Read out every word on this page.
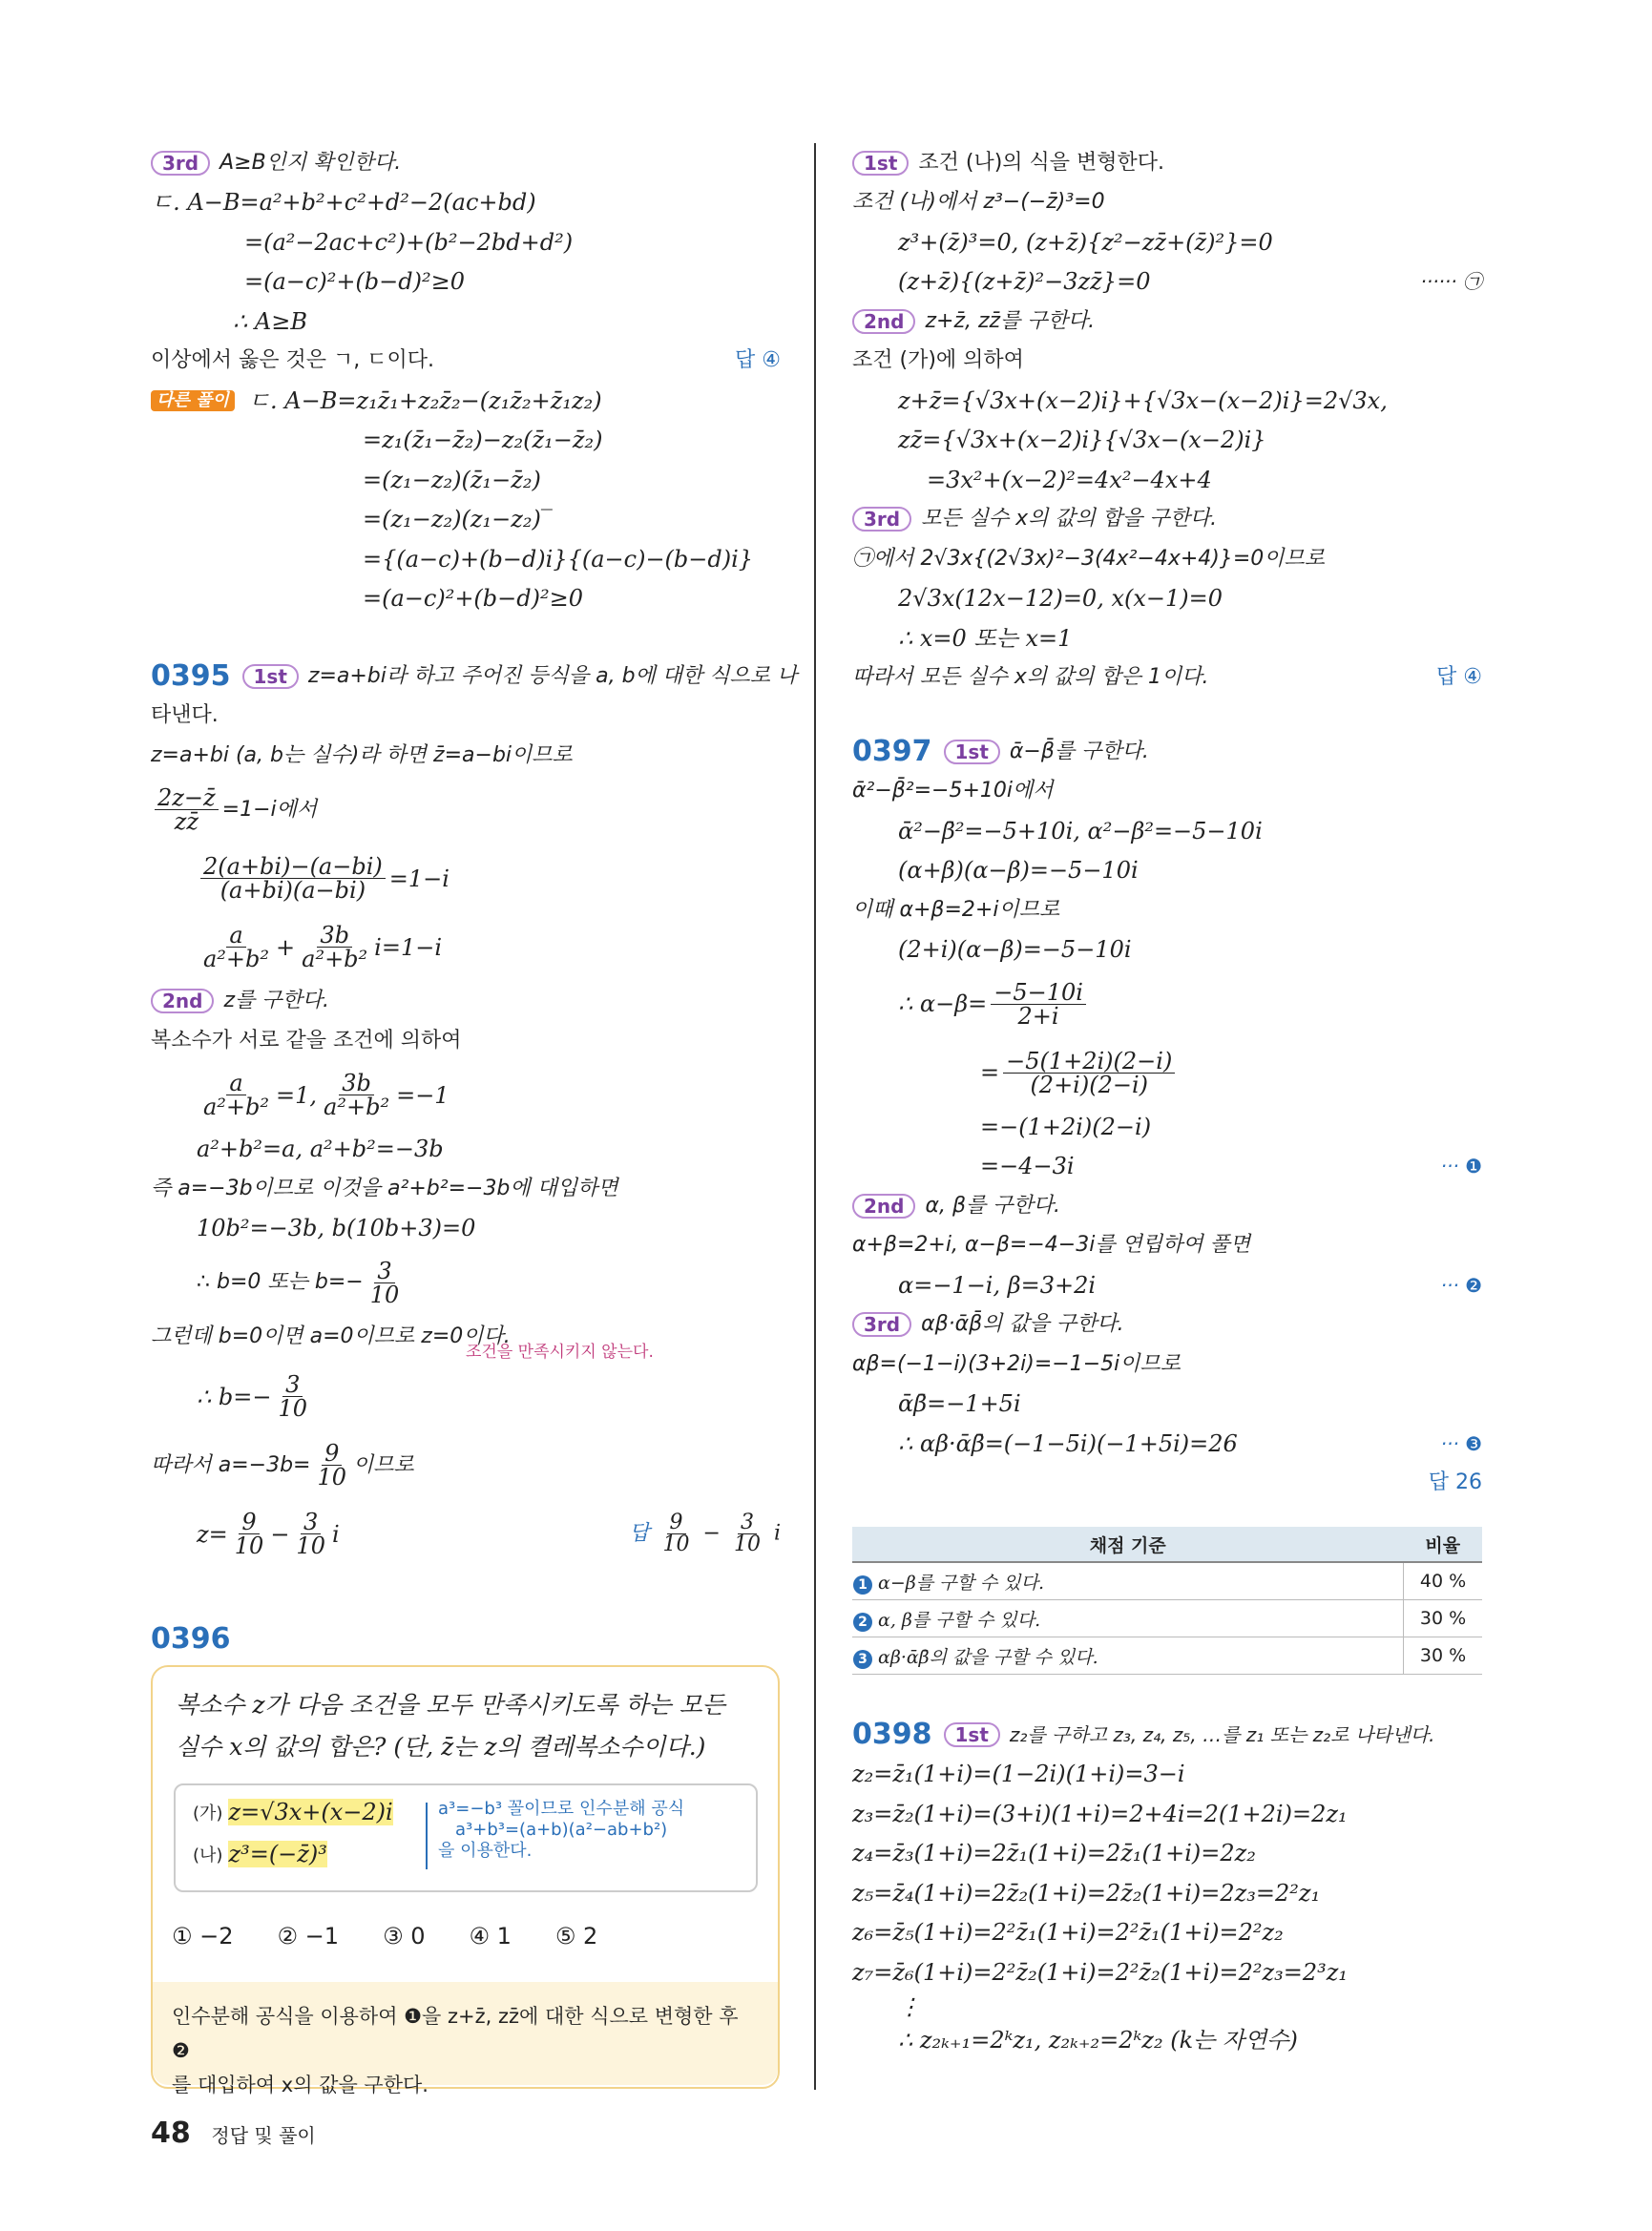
3rd	A≥B인지 확인한다.
ㄷ. A−B=a²+b²+c²+d²−2(ac+bd)
=(a²−2ac+c²)+(b²−2bd+d²)
=(a−c)²+(b−d)²≥0
∴ A≥B
이상에서 옳은 것은 ㄱ, ㄷ이다.	답 ④
다른 풀이 ㄷ. A−B=z₁z̄₁+z₂z̄₂−(z₁z̄₂+z̄₁z₂)
=z₁(z̄₁−z̄₂)−z₂(z̄₁−z̄₂)
=(z₁−z₂)(z̄₁−z̄₂)
=(z₁−z₂)(z₁−z₂)‾
={(a−c)+(b−d)i}{(a−c)−(b−d)i}
=(a−c)²+(b−d)²≥0
0395	1st	z=a+bi라 하고 주어진 등식을 a, b에 대한 식으로 나
타낸다.
z=a+bi (a, b는 실수)라 하면 z̄=a−bi이므로
$\frac{2z-z̄}{zz̄} =1-i$에서
$\frac{2(a+bi)-(a-bi)}{(a+bi)(a-bi)} =1-i$
$\frac{a}{\text{a²+b²}} + \frac{3b}{\text{a²+b²}} i=1-i$
2nd	z를 구한다.
복소수가 서로 같을 조건에 의하여
$\frac{a}{\text{a²+b²}} =1$, $\frac{3b}{\text{a²+b²}} =-1$
a²+b²=a, a²+b²=−3b
즉 a=−3b이므로 이것을 a²+b²=−3b에 대입하면
10b²=−3b, b(10b+3)=0
∴ b=0 또는 $b=- \frac{3}{10}$
그런데 b=0이면 a=0이므로 z=0이다.
조건을 만족시키지 않는다.
∴ $b=- \frac{3}{10}$
따라서 $a=-3b= \frac{9}{10}$ 이므로
$z= \frac{9}{10} - \frac{3}{10}$ i	답 $\frac{9}{10} - \frac{3}{10}$ i
0396
복소수 z가 다음 조건을 모두 만족시키도록 하는 모든
실수 x의 값의 합은? (단, z̄는 z의 켤레복소수이다.)
(가) z=√3x+(x−2)i
(나) z³=(−z̄)³
a³=−b³ 꼴이므로 인수분해 공식
a³+b³=(a+b)(a²−ab+b²)
을 이용한다.
① −2 ② −1 ③ 0 ④ 1 ⑤ 2
인수분해 공식을 이용하여 ❶을 z+z̄, zz̄에 대한 식으로 변형한 후 ❷
를 대입하여 x의 값을 구한다.
1st	조건 (나)의 식을 변형한다.
조건 (나)에서 z³−(−z̄)³=0
z³+(z̄)³=0, (z+z̄){z²−zz̄+(z̄)²}=0
(z+z̄){(z+z̄)²−3zz̄}=0	······ ㉠
2nd	z+z̄, zz̄를 구한다.
조건 (가)에 의하여
z+z̄={√3x+(x−2)i}+{√3x−(x−2)i}=2√3x,
zz̄={√3x+(x−2)i}{√3x−(x−2)i}
=3x²+(x−2)²=4x²−4x+4
3rd	모든 실수 x의 값의 합을 구한다.
㉠에서 2√3x{(2√3x)²−3(4x²−4x+4)}=0이므로
2√3x(12x−12)=0, x(x−1)=0
∴ x=0 또는 x=1
따라서 모든 실수 x의 값의 합은 1이다.	답 ④
0397	1st	ᾱ−β̄를 구한다.
ᾱ²−β̄²=−5+10i에서
ᾱ²−β̄²=−5+10i, α²−β²=−5−10i
(α+β)(α−β)=−5−10i
이때 α+β=2+i이므로
(2+i)(α−β)=−5−10i
∴ $\alpha-\beta= \frac{-5-10i}{2+i}$
= $\frac{-5(1+2i)(2-i)}{(2+i)(2-i)}$
=−(1+2i)(2−i)
=−4−3i	··· ❶
2nd	α, β를 구한다.
α+β=2+i, α−β=−4−3i를 연립하여 풀면
α=−1−i, β=3+2i	··· ❷
3rd	αβ·ᾱβ̄의 값을 구한다.
αβ=(−1−i)(3+2i)=−1−5i이므로
ᾱβ̄=−1+5i
∴ αβ·ᾱβ̄=(−1−5i)(−1+5i)=26	··· ❸
답 26
채점 기준	비율
1 α−β를 구할 수 있다.	40 %
2 α, β를 구할 수 있다.	30 %
3 αβ·ᾱβ̄의 값을 구할 수 있다.	30 %
0398	1st	z₂를 구하고 z₃, z₄, z₅, …를 z₁ 또는 z₂로 나타낸다.
z₂=z̄₁(1+i)=(1−2i)(1+i)=3−i
z₃=z̄₂(1+i)=(3+i)(1+i)=2+4i=2(1+2i)=2z₁
z₄=z̄₃(1+i)=2z̄₁(1+i)=2z̄₁(1+i)=2z₂
z₅=z̄₄(1+i)=2z̄₂(1+i)=2z̄₂(1+i)=2z₃=2²z₁
z₆=z̄₅(1+i)=2²z̄₁(1+i)=2²z̄₁(1+i)=2²z₂
z₇=z̄₆(1+i)=2²z̄₂(1+i)=2²z̄₂(1+i)=2²z₃=2³z₁
⋮
∴ z₂ₖ₊₁=2ᵏz₁, z₂ₖ₊₂=2ᵏz₂ (k는 자연수)
48 정답 및 풀이
